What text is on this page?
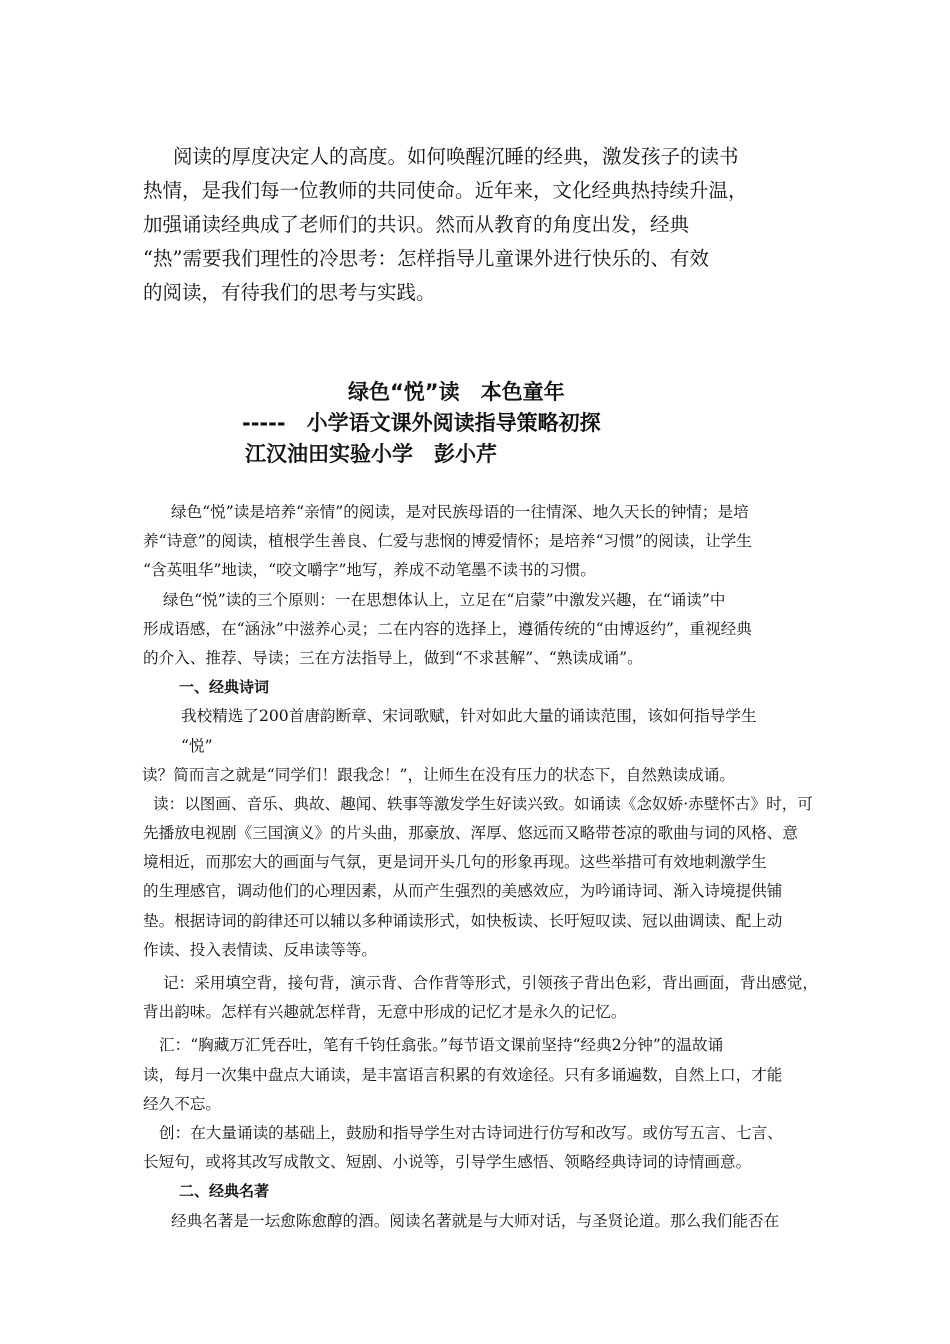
阅读的厚度决定人的高度。如何唤醒沉睡的经典，激发孩子的读书
热情，是我们每一位教师的共同使命。近年来，文化经典热持续升温，
加强诵读经典成了老师们的共识。然而从教育的角度出发，经典
“热”需要我们理性的冷思考：怎样指导儿童课外进行快乐的、有效
的阅读，有待我们的思考与实践。
绿色“悦”读　本色童年
-----　小学语文课外阅读指导策略初探
江汉油田实验小学　彭小芹
绿色“悦”读是培养“亲情”的阅读，是对民族母语的一往情深、地久天长的钟情；是培
养“诗意”的阅读，植根学生善良、仁爱与悲悯的博爱情怀；是培养“习惯”的阅读，让学生
“含英咀华”地读，“咬文嚼字”地写，养成不动笔墨不读书的习惯。
绿色“悦”读的三个原则：一在思想体认上，立足在“启蒙”中激发兴趣，在“诵读”中
形成语感，在“涵泳”中滋养心灵；二在内容的选择上，遵循传统的“由博返约”，重视经典
的介入、推荐、导读；三在方法指导上，做到“不求甚解”、“熟读成诵”。
一、经典诗词
我校精选了200首唐韵断章、宋词歌赋，针对如此大量的诵读范围，该如何指导学生
“悦”
读？简而言之就是“同学们！跟我念！”，让师生在没有压力的状态下，自然熟读成诵。
读：以图画、音乐、典故、趣闻、轶事等激发学生好读兴致。如诵读《念奴娇·赤壁怀古》时，可
先播放电视剧《三国演义》的片头曲，那豪放、浑厚、悠远而又略带苍凉的歌曲与词的风格、意
境相近，而那宏大的画面与气氛，更是词开头几句的形象再现。这些举措可有效地刺激学生
的生理感官，调动他们的心理因素，从而产生强烈的美感效应，为吟诵诗词、渐入诗境提供铺
垫。根据诗词的韵律还可以辅以多种诵读形式，如快板读、长吁短叹读、冠以曲调读、配上动
作读、投入表情读、反串读等等。
记：采用填空背，接句背，演示背、合作背等形式，引领孩子背出色彩，背出画面，背出感觉，
背出韵味。怎样有兴趣就怎样背，无意中形成的记忆才是永久的记忆。
汇：“胸藏万汇凭吞吐，笔有千钧任翕张。”每节语文课前坚持“经典2分钟”的温故诵
读，每月一次集中盘点大诵读，是丰富语言积累的有效途径。只有多诵遍数，自然上口，才能
经久不忘。
创：在大量诵读的基础上，鼓励和指导学生对古诗词进行仿写和改写。或仿写五言、七言、
长短句，或将其改写成散文、短剧、小说等，引导学生感悟、领略经典诗词的诗情画意。
二、经典名著
经典名著是一坛愈陈愈醇的酒。阅读名著就是与大师对话，与圣贤论道。那么我们能否在
